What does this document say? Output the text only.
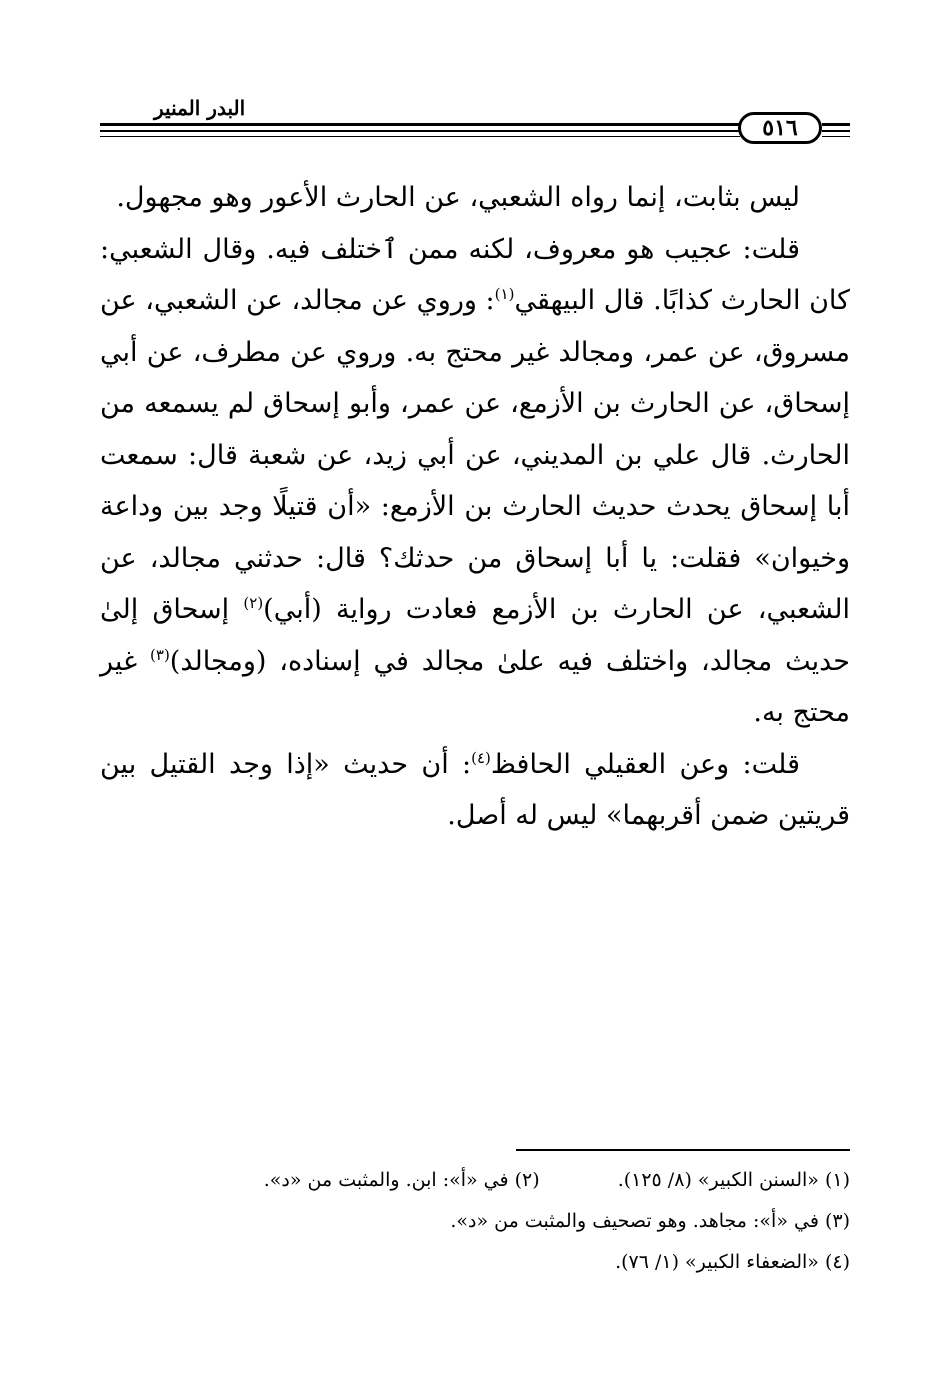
٥١٦
البدر المنير

ليس بثابت، إنما رواه الشعبي، عن الحارث الأعور وهو مجهول.

قلت: عجيب هو معروف، لكنه ممن ٱختلف فيه. وقال الشعبي: كان الحارث كذابًا. قال البيهقي$^{(١)}$: وروي عن مجالد، عن الشعبي، عن مسروق، عن عمر، ومجالد غير محتج به. وروي عن مطرف، عن أبي إسحاق، عن الحارث بن الأزمع، عن عمر، وأبو إسحاق لم يسمعه من الحارث. قال علي بن المديني، عن أبي زيد، عن شعبة قال: سمعت أبا إسحاق يحدث حديث الحارث بن الأزمع: «أن قتيلًا وجد بين وداعة وخيوان» فقلت: يا أبا إسحاق من حدثك؟ قال: حدثني مجالد، عن الشعبي، عن الحارث بن الأزمع فعادت رواية (أبي)$^{(٢)}$ إسحاق إلىٰ حديث مجالد، واختلف فيه علىٰ مجالد في إسناده، (ومجالد)$^{(٣)}$ غير محتج به.

قلت: وعن العقيلي الحافظ$^{(٤)}$: أن حديث «إذا وجد القتيل بين قريتين ضمن أقربهما» ليس له أصل.

(١) «السنن الكبير» (٨/ ١٢٥).
(٢) في «أ»: ابن. والمثبت من «د».
(٣) في «أ»: مجاهد. وهو تصحيف والمثبت من «د».
(٤) «الضعفاء الكبير» (١/ ٧٦).
